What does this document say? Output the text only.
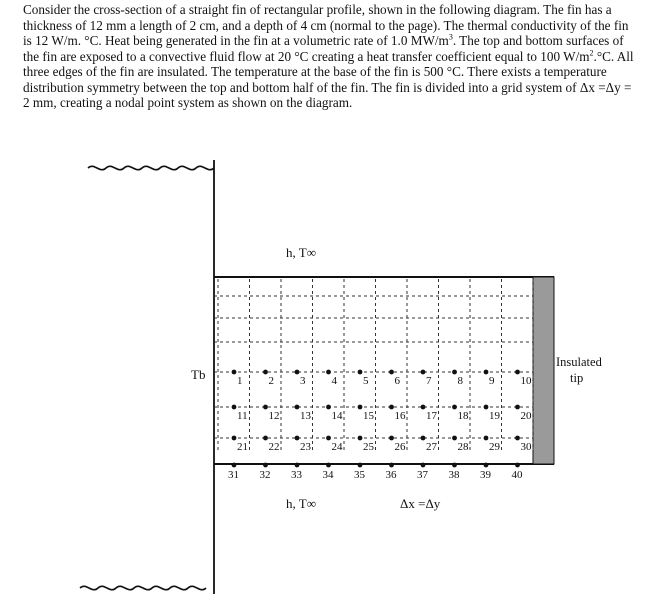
Consider the cross-section of a straight fin of rectangular profile, shown in the following diagram. The fin has a thickness of 12 mm a length of 2 cm, and a depth of 4 cm (normal to the page). The thermal conductivity of the fin is 12 W/m. °C. Heat being generated in the fin at a volumetric rate of 1.0 $MW/m^3$. The top and bottom surfaces of the fin are exposed to a convective fluid flow at 20 °C creating a heat transfer coefficient equal to 100 $W/m^2.^\circ C$. All three edges of the fin are insulated. The temperature at the base of the fin is 500 °C. There exists a temperature distribution symmetry between the top and bottom half of the fin. The fin is divided into a grid system of Δx =Δy = 2 mm, creating a nodal point system as shown on the diagram.
1 2 3 4 5 6 7 8 9 10
11 12 13 14 15 16 17 18 19 20
21 22 23 24 25 26 27 28 29 30
31 32 33 34 35 36 37 38 39 40
h, T∞
h, T∞
Tb
Insulated
tip
Δx =Δy
